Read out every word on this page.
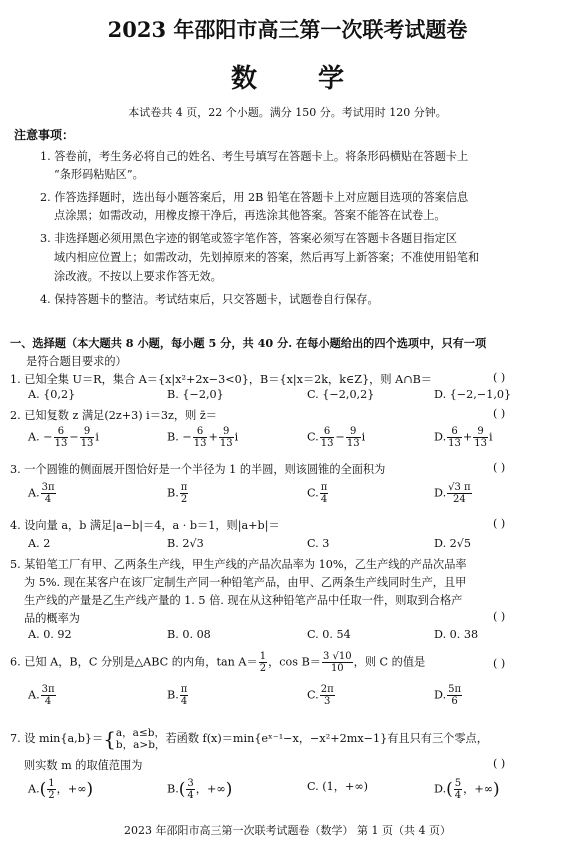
2023 年邵阳市高三第一次联考试题卷
数 学
本试卷共 4 页，22 个小题。满分 150 分。考试用时 120 分钟。
注意事项：
1. 答卷前，考生务必将自己的姓名、考生号填写在答题卡上。将条形码横贴在答题卡上
“条形码粘贴区”。
2. 作答选择题时，选出每小题答案后，用 2B 铅笔在答题卡上对应题目选项的答案信息
点涂黑；如需改动，用橡皮擦干净后，再选涂其他答案。答案不能答在试卷上。
3. 非选择题必须用黑色字迹的钢笔或签字笔作答，答案必须写在答题卡各题目指定区
域内相应位置上；如需改动，先划掉原来的答案，然后再写上新答案；不准使用铅笔和
涂改液。不按以上要求作答无效。
4. 保持答题卡的整洁。考试结束后，只交答题卡，试题卷自行保存。
一、选择题（本大题共 8 小题，每小题 5 分，共 40 分. 在每小题给出的四个选项中，只有一项
是符合题目要求的）
1. 已知全集 U＝R，集合 A＝{x|x²+2x−3<0}，B＝{x|x＝2k，k∈Z}，则 A∩B＝	( )
A. {0,2}	B. {−2,0}	C. {−2,0,2}	D. {−2,−1,0}
2. 已知复数 z 满足(2z+3) i＝3z，则 z̄＝	( )
A. − $\frac{6}{13} - \frac{9}{13}$ i	B. − $\frac{6}{13} + \frac{9}{13}$ i	C. $\frac{6}{13} - \frac{9}{13}$ i	D. $\frac{6}{13} + \frac{9}{13}$ i
3. 一个圆锥的侧面展开图恰好是一个半径为 1 的半圆，则该圆锥的全面积为	( )
A. $\frac{3\pi}{4}$	B. $\frac{\pi}{2}$	C. $\frac{\pi}{4}$	D. $\frac{√3 \pi}{24}$
4. 设向量 a，b 满足|a−b|＝4，a · b＝1，则|a+b|＝	( )
A. 2	B. 2√3	C. 3	D. 2√5
5. 某铅笔工厂有甲、乙两条生产线，甲生产线的产品次品率为 10%，乙生产线的产品次品率
为 5%. 现在某客户在该厂定制生产同一种铅笔产品，由甲、乙两条生产线同时生产，且甲
生产线的产量是乙生产线产量的 1. 5 倍. 现在从这种铅笔产品中任取一件，则取到合格产
品的概率为	( )
A. 0. 92	B. 0. 08	C. 0. 54	D. 0. 38
6. 已知 A，B，C 分别是△ABC 的内角，$\tan A= \frac{1}{2}$ ，$\cos B= \frac{3 √10}{10}$ ，则 C 的值是	( )
A. $\frac{3\pi}{4}$	B. $\frac{\pi}{4}$	C. $\frac{2\pi}{3}$	D. $\frac{5\pi}{6}$
7. 设 min{a,b}＝{ a，a≤b，
b，a>b， 若函数 f(x)＝min{eˣ⁻¹−x，−x²+2mx−1}有且只有三个零点，
则实数 m 的取值范围为	( )
$A.( \frac{1}{2}$ ，+∞)	$B.( \frac{3}{4}$ ，+∞)	C. (1，+∞)	$D.( \frac{5}{4}$ ，+∞)
2023 年邵阳市高三第一次联考试题卷（数学） 第 1 页（共 4 页）
